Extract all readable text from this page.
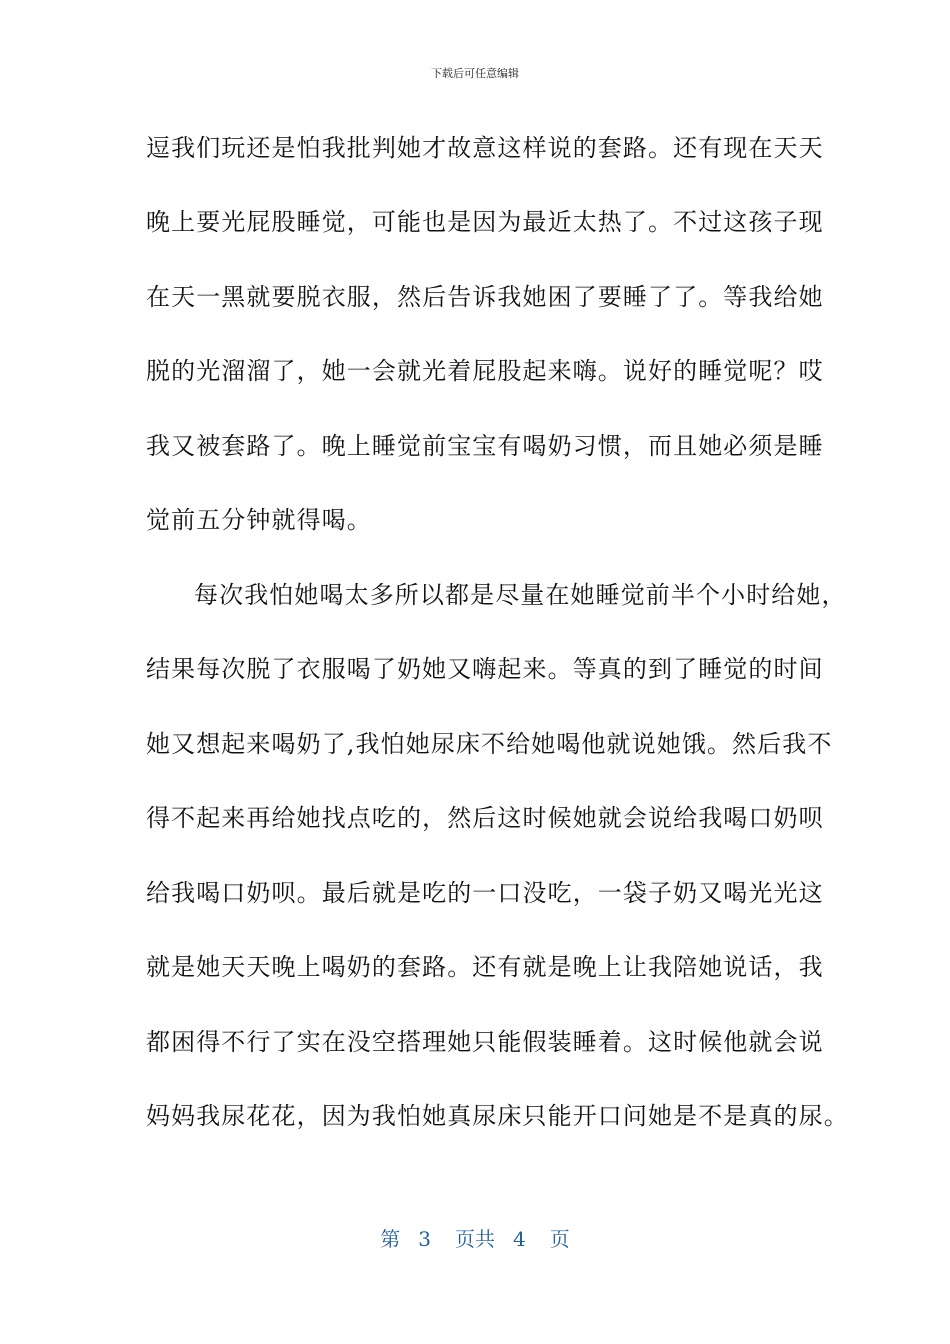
下载后可任意编辑
逗我们玩还是怕我批判她才故意这样说的套路。还有现在天天
晚上要光屁股睡觉，可能也是因为最近太热了。不过这孩子现
在天一黑就要脱衣服，然后告诉我她困了要睡了了。等我给她
脱的光溜溜了，她一会就光着屁股起来嗨。说好的睡觉呢？哎
我又被套路了。晚上睡觉前宝宝有喝奶习惯，而且她必须是睡
觉前五分钟就得喝。
每次我怕她喝太多所以都是尽量在她睡觉前半个小时给她，
结果每次脱了衣服喝了奶她又嗨起来。等真的到了睡觉的时间
她又想起来喝奶了,我怕她尿床不给她喝他就说她饿。然后我不
得不起来再给她找点吃的，然后这时候她就会说给我喝口奶呗
给我喝口奶呗。最后就是吃的一口没吃，一袋子奶又喝光光这
就是她天天晚上喝奶的套路。还有就是晚上让我陪她说话，我
都困得不行了实在没空搭理她只能假装睡着。这时候他就会说
妈妈我尿花花，因为我怕她真尿床只能开口问她是不是真的尿。
第 3 页共 4 页
